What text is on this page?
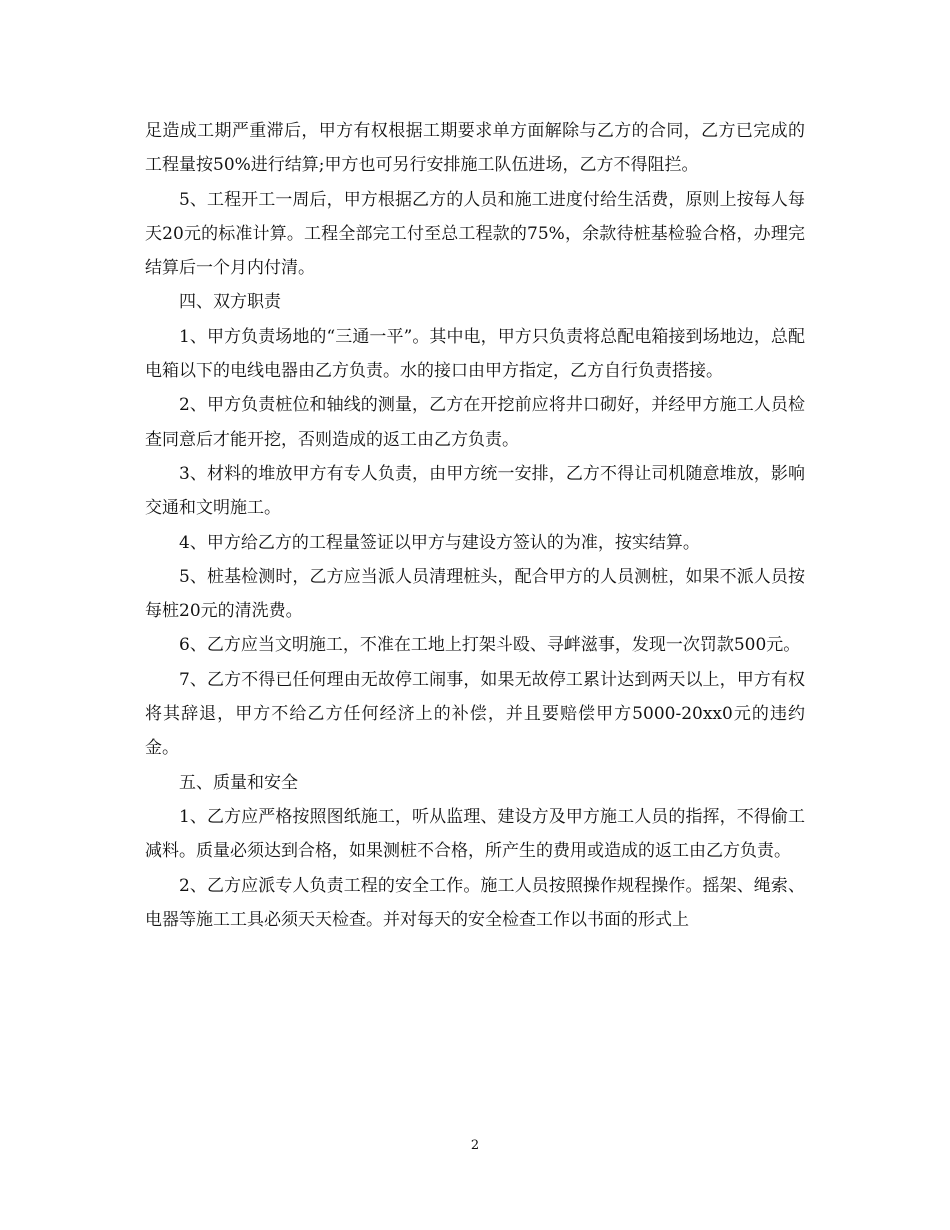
足造成工期严重滞后，甲方有权根据工期要求单方面解除与乙方的合同，乙方已完成的工程量按50%进行结算;甲方也可另行安排施工队伍进场，乙方不得阻拦。

5、工程开工一周后，甲方根据乙方的人员和施工进度付给生活费，原则上按每人每天20元的标准计算。工程全部完工付至总工程款的75%，余款待桩基检验合格，办理完结算后一个月内付清。

四、双方职责

1、甲方负责场地的“三通一平”。其中电，甲方只负责将总配电箱接到场地边，总配电箱以下的电线电器由乙方负责。水的接口由甲方指定，乙方自行负责搭接。

2、甲方负责桩位和轴线的测量，乙方在开挖前应将井口砌好，并经甲方施工人员检查同意后才能开挖，否则造成的返工由乙方负责。

3、材料的堆放甲方有专人负责，由甲方统一安排，乙方不得让司机随意堆放，影响交通和文明施工。

4、甲方给乙方的工程量签证以甲方与建设方签认的为准，按实结算。

5、桩基检测时，乙方应当派人员清理桩头，配合甲方的人员测桩，如果不派人员按每桩20元的清洗费。

6、乙方应当文明施工，不准在工地上打架斗殴、寻衅滋事，发现一次罚款500元。

7、乙方不得已任何理由无故停工闹事，如果无故停工累计达到两天以上，甲方有权将其辞退，甲方不给乙方任何经济上的补偿，并且要赔偿甲方5000-20xx0元的违约金。

五、质量和安全

1、乙方应严格按照图纸施工，听从监理、建设方及甲方施工人员的指挥，不得偷工减料。质量必须达到合格，如果测桩不合格，所产生的费用或造成的返工由乙方负责。

2、乙方应派专人负责工程的安全工作。施工人员按照操作规程操作。摇架、绳索、电器等施工工具必须天天检查。并对每天的安全检查工作以书面的形式上

2
